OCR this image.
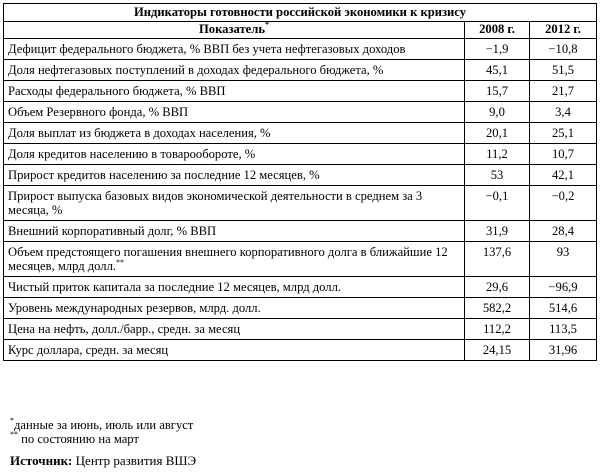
Индикаторы готовности российской экономики к кризису		
Показатель*	2008 г.	2012 г.
Дефицит федерального бюджета, % ВВП без учета нефтегазовых доходов	−1,9	−10,8
Доля нефтегазовых поступлений в доходах федерального бюджета, %	45,1	51,5
Расходы федерального бюджета, % ВВП	15,7	21,7
Объем Резервного фонда, % ВВП	9,0	3,4
Доля выплат из бюджета в доходах населения, %	20,1	25,1
Доля кредитов населению в товарообороте, %	11,2	10,7
Прирост кредитов населению за последние 12 месяцев, %	53	42,1
Прирост выпуска базовых видов экономической деятельности в среднем за 3 месяца, %	−0,1	−0,2
Внешний корпоративный долг, % ВВП	31,9	28,4
Объем предстоящего погашения внешнего корпоративного долга в ближайшие 12 месяцев, млрд долл.**	137,6	93
Чистый приток капитала за последние 12 месяцев, млрд долл.	29,6	−96,9
Уровень международных резервов, млрд. долл.	582,2	514,6
Цена на нефть, долл./барр., средн. за месяц	112,2	113,5
Курс доллара, средн. за месяц	24,15	31,96
*данные за июнь, июль или август
** по состоянию на март
Источник: Центр развития ВШЭ
